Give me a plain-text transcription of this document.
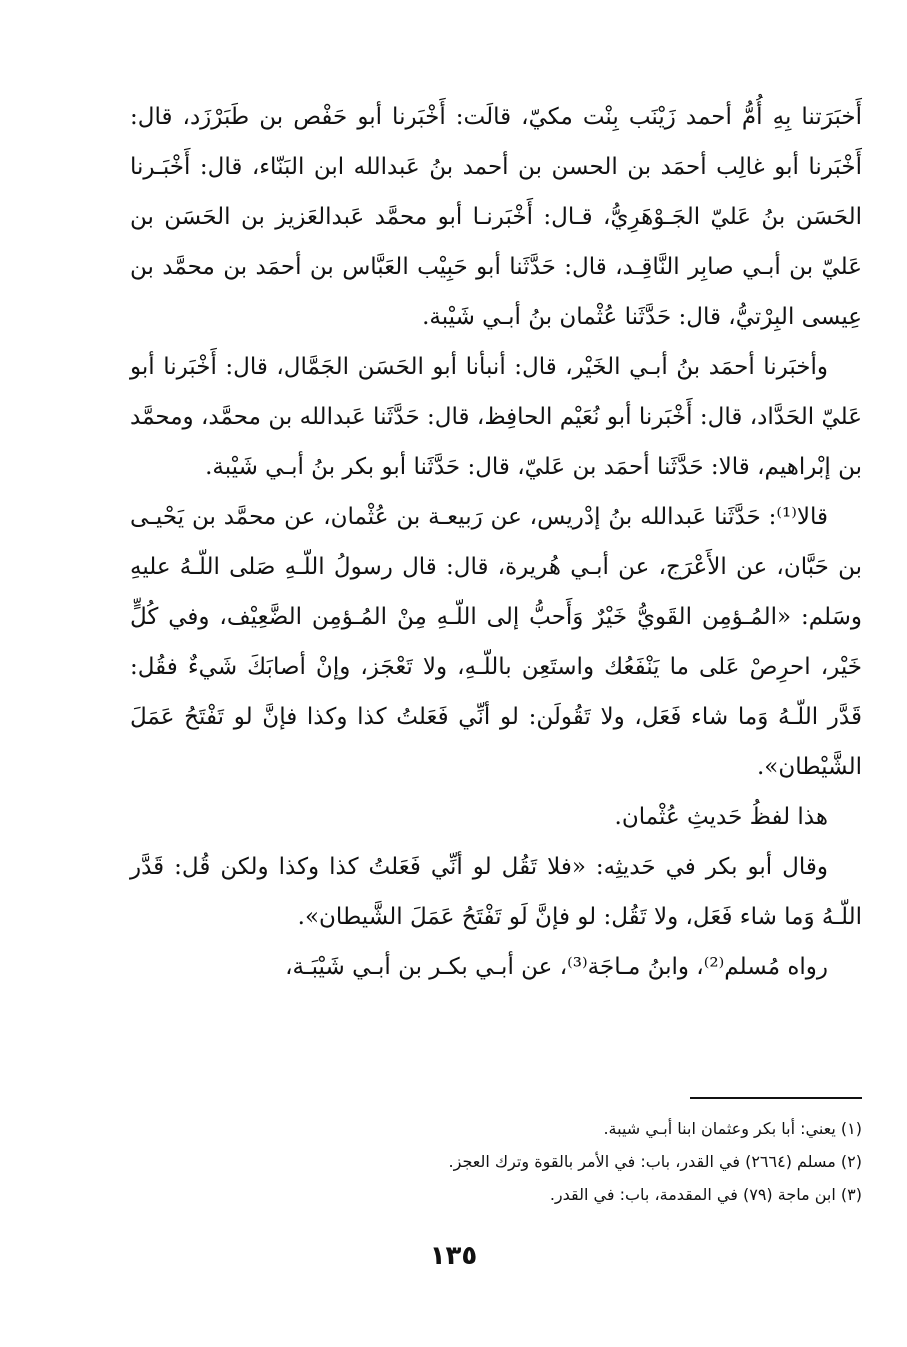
أَخبَرَتنا بِهِ أُمُّ أحمد زَيْنَب بِنْت مكيّ، قالَت: أَخْبَرنا أبو حَفْص بن طَبَرْزَد، قال: أَخْبَرنا أبو غالِب أحمَد بن الحسن بن أحمد بنُ عَبدالله ابن البَنّاء، قال: أَخْبَـرنا الحَسَن بنُ عَليّ الجَـوْهَرِيُّ، قـال: أَخْبَرنـا أبو محمَّد عَبدالعَزيز بن الحَسَن بن عَليّ بن أبـي صابِر النَّاقِـد، قال: حَدَّثَنا أبو حَبِيْب العَبَّاس بن أحمَد بن محمَّد بن عِيسى البِرْتيُّ، قال: حَدَّثَنا عُثْمان بنُ أبـي شَيْبة.

وأخبَرنا أحمَد بنُ أبـي الخَيْر، قال: أنبأنا أبو الحَسَن الجَمَّال، قال: أَخْبَرنا أبو عَليّ الحَدَّاد، قال: أَخْبَرنا أبو نُعَيْم الحافِظ، قال: حَدَّثَنا عَبدالله بن محمَّد، ومحمَّد بن إبْراهيم، قالا: حَدَّثَنا أحمَد بن عَليّ، قال: حَدَّثَنا أبو بكر بنُ أبـي شَيْبة.

قالا⁽¹⁾: حَدَّثَنا عَبدالله بنُ إدْريس، عن رَبيعـة بن عُثْمان، عن محمَّد بن يَحْيـى بن حَبَّان، عن الأَعْرَج، عن أبـي هُريرة، قال: قال رسولُ اللّـهِ صَلى اللّـهُ عليهِ وسَلم: «المُـؤمِن القَويُّ خَيْرٌ وَأَحبُّ إلى اللّـهِ مِنْ المُـؤمِن الضَّعِيْف، وفي كُلٍّ خَيْر، احرِصْ عَلى ما يَنْفَعُك واستَعِن باللّـهِ، ولا تَعْجَز، وإنْ أصابَكَ شَيءٌ فقُل: قَدَّر اللّـهُ وَما شاء فَعَل، ولا تَقُولَن: لو أنِّي فَعَلتُ كذا وكذا فإنَّ لو تَفْتَحُ عَمَلَ الشَّيْطان».

هذا لفظُ حَديثِ عُثْمان.

وقال أبو بكر في حَديثِه: «فلا تَقُل لو أنِّي فَعَلتُ كذا وكذا ولكن قُل: قَدَّر اللّـهُ وَما شاء فَعَل، ولا تَقُل: لو فإنَّ لَو تَفْتَحُ عَمَلَ الشَّيطان».

رواه مُسلم⁽²⁾، وابنُ مـاجَة⁽³⁾، عن أبـي بكـر بن أبـي شَيْبَـة،

(١) يعني: أبا بكر وعثمان ابنا أبـي شيبة.
(٢) مسلم (٢٦٦٤) في القدر، باب: في الأمر بالقوة وترك العجز.
(٣) ابن ماجة (٧٩) في المقدمة، باب: في القدر.
١٣٥
